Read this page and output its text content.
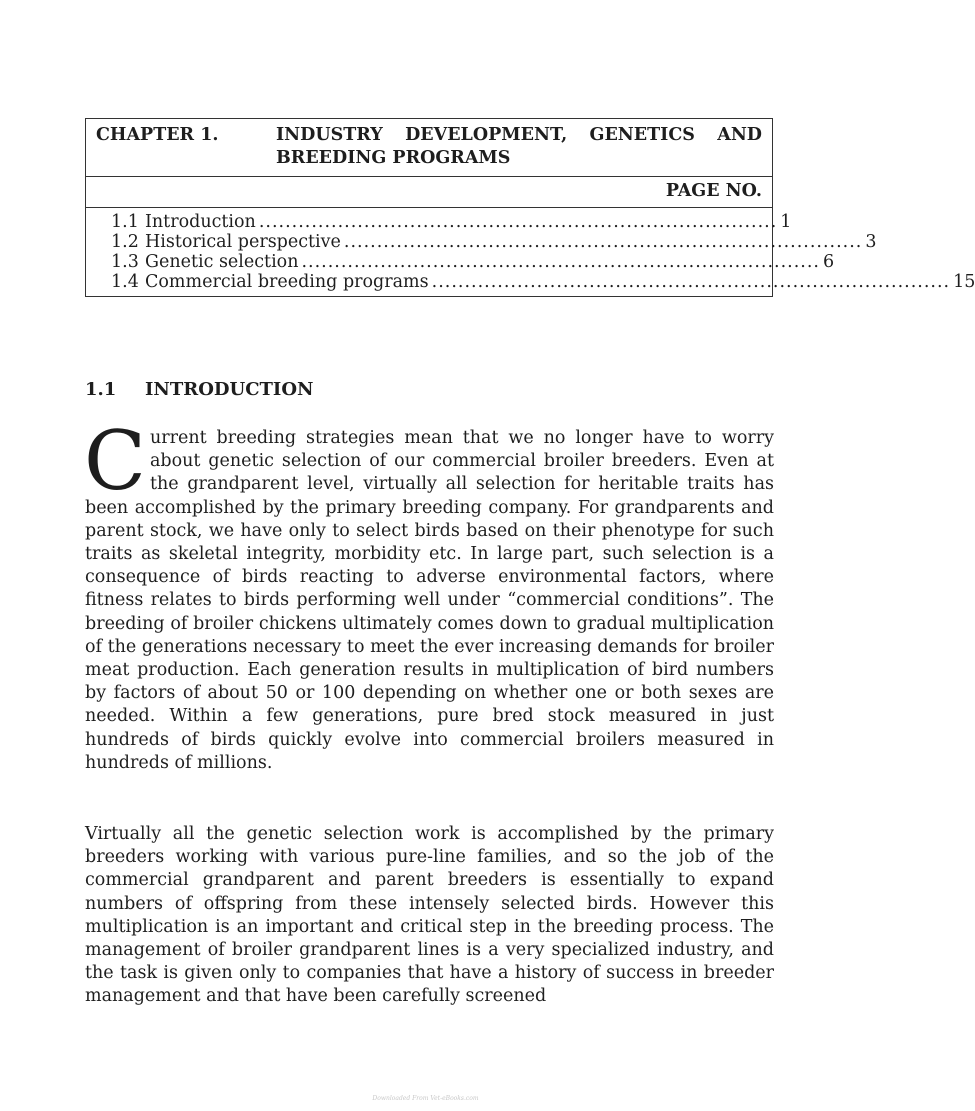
CHAPTER 1.	INDUSTRY DEVELOPMENT, GENETICS AND BREEDING PROGRAMS
PAGE NO.
1.1 Introduction ............................................................................... 1
1.2 Historical perspective ............................................................................... 3
1.3 Genetic selection ............................................................................... 6
1.4 Commercial breeding programs ............................................................................... 15
1.1 INTRODUCTION

Current breeding strategies mean that we no longer have to worry about genetic selection of our commercial broiler breeders. Even at the grandparent level, virtually all selection for heritable traits has been accomplished by the primary breeding company. For grandparents and parent stock, we have only to select birds based on their phenotype for such traits as skeletal integrity, morbidity etc. In large part, such selection is a consequence of birds reacting to adverse environmental factors, where fitness relates to birds performing well under “commercial conditions”. The breeding of broiler chickens ultimately comes down to gradual multiplication of the generations necessary to meet the ever increasing demands for broiler meat production. Each generation results in multiplication of bird numbers by factors of about 50 or 100 depending on whether one or both sexes are needed. Within a few generations, pure bred stock measured in just hundreds of birds quickly evolve into commercial broilers measured in hundreds of millions.

Virtually all the genetic selection work is accomplished by the primary breeders working with various pure-line families, and so the job of the commercial grandparent and parent breeders is essentially to expand numbers of offspring from these intensely selected birds. However this multiplication is an important and critical step in the breeding process. The management of broiler grandparent lines is a very specialized industry, and the task is given only to companies that have a history of success in breeder management and that have been carefully screened

Downloaded From Vet-eBooks.com
